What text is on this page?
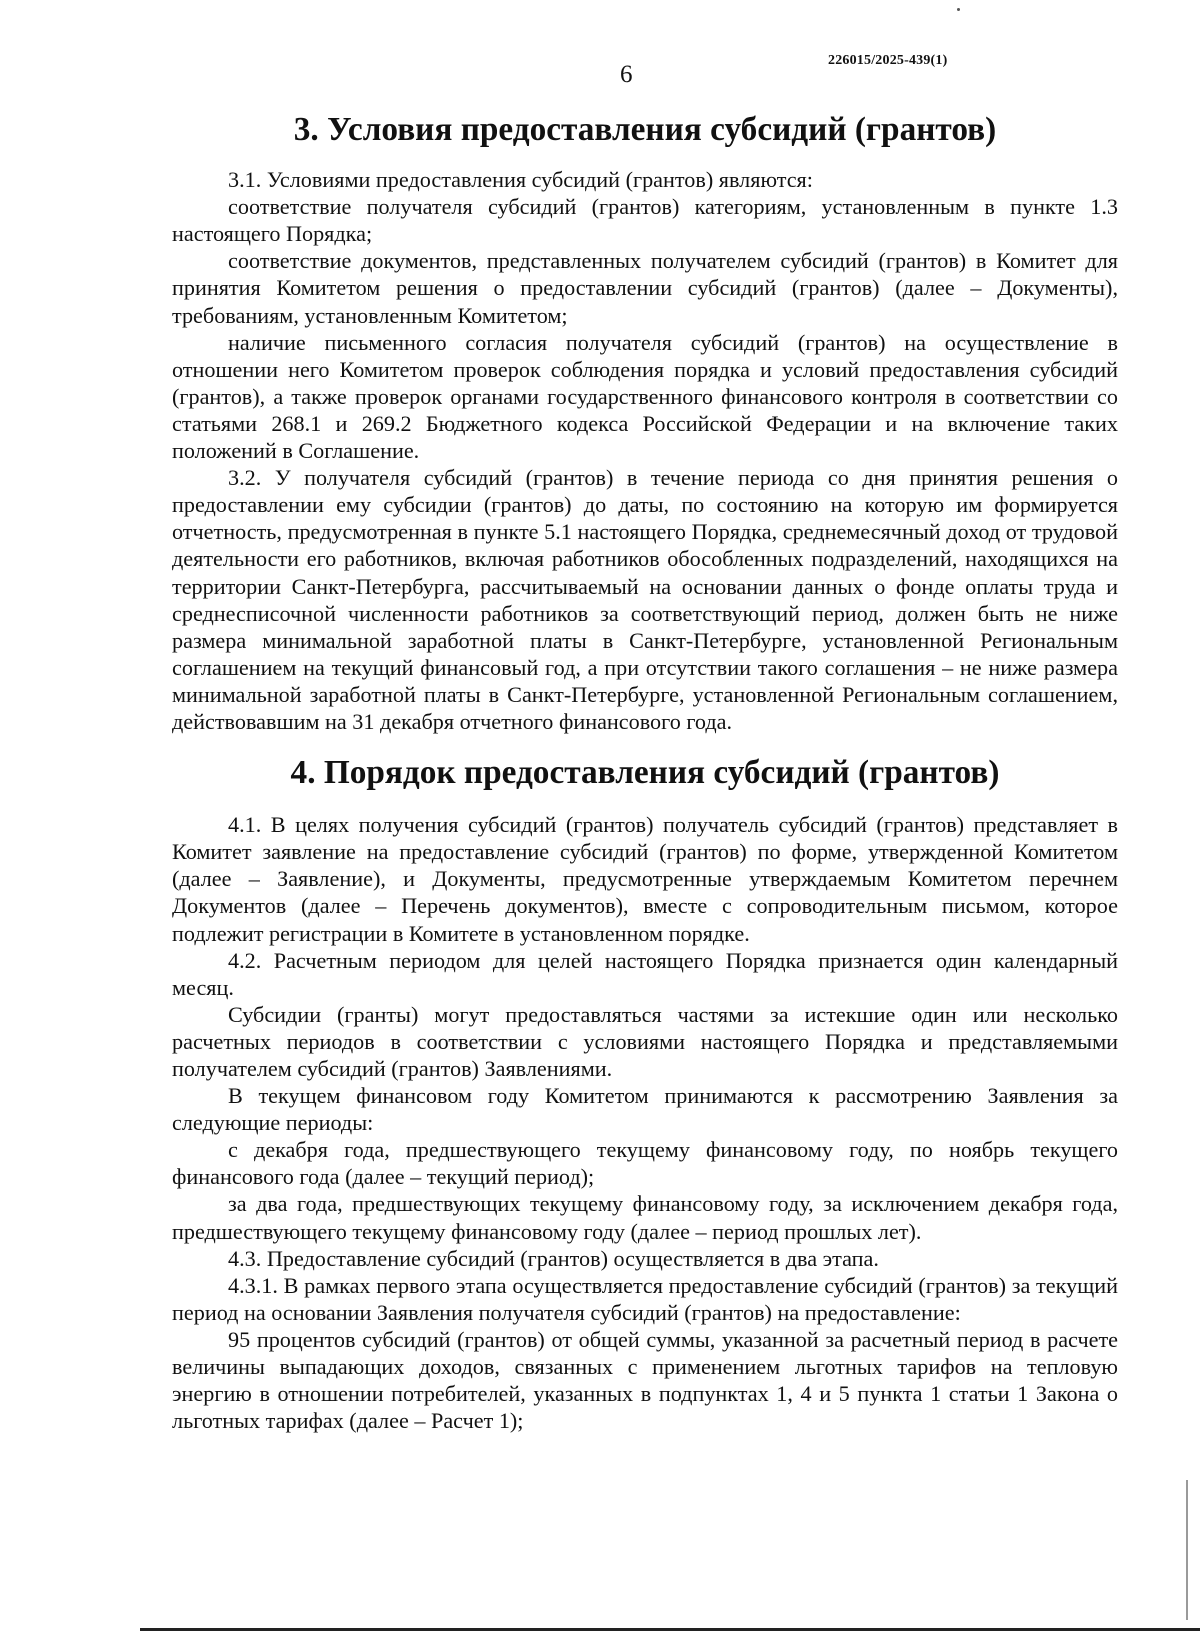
6
226015/2025-439(1)
3. Условия предоставления субсидий (грантов)

3.1. Условиями предоставления субсидий (грантов) являются:

соответствие получателя субсидий (грантов) категориям, установленным в пункте 1.3 настоящего Порядка;

соответствие документов, представленных получателем субсидий (грантов) в Комитет для принятия Комитетом решения о предоставлении субсидий (грантов) (далее – Документы), требованиям, установленным Комитетом;

наличие письменного согласия получателя субсидий (грантов) на осуществление в отношении него Комитетом проверок соблюдения порядка и условий предоставления субсидий (грантов), а также проверок органами государственного финансового контроля в соответствии со статьями 268.1 и 269.2 Бюджетного кодекса Российской Федерации и на включение таких положений в Соглашение.

3.2. У получателя субсидий (грантов) в течение периода со дня принятия решения о предоставлении ему субсидии (грантов) до даты, по состоянию на которую им формируется отчетность, предусмотренная в пункте 5.1 настоящего Порядка, среднемесячный доход от трудовой деятельности его работников, включая работников обособленных подразделений, находящихся на территории Санкт-Петербурга, рассчитываемый на основании данных о фонде оплаты труда и среднесписочной численности работников за соответствующий период, должен быть не ниже размера минимальной заработной платы в Санкт-Петербурге, установленной Региональным соглашением на текущий финансовый год, а при отсутствии такого соглашения – не ниже размера минимальной заработной платы в Санкт-Петербурге, установленной Региональным соглашением, действовавшим на 31 декабря отчетного финансового года.

4. Порядок предоставления субсидий (грантов)

4.1. В целях получения субсидий (грантов) получатель субсидий (грантов) представляет в Комитет заявление на предоставление субсидий (грантов) по форме, утвержденной Комитетом (далее – Заявление), и Документы, предусмотренные утверждаемым Комитетом перечнем Документов (далее – Перечень документов), вместе с сопроводительным письмом, которое подлежит регистрации в Комитете в установленном порядке.

4.2. Расчетным периодом для целей настоящего Порядка признается один календарный месяц.

Субсидии (гранты) могут предоставляться частями за истекшие один или несколько расчетных периодов в соответствии с условиями настоящего Порядка и представляемыми получателем субсидий (грантов) Заявлениями.

В текущем финансовом году Комитетом принимаются к рассмотрению Заявления за следующие периоды:

с декабря года, предшествующего текущему финансовому году, по ноябрь текущего финансового года (далее – текущий период);

за два года, предшествующих текущему финансовому году, за исключением декабря года, предшествующего текущему финансовому году (далее – период прошлых лет).

4.3. Предоставление субсидий (грантов) осуществляется в два этапа.

4.3.1. В рамках первого этапа осуществляется предоставление субсидий (грантов) за текущий период на основании Заявления получателя субсидий (грантов) на предоставление:

95 процентов субсидий (грантов) от общей суммы, указанной за расчетный период в расчете величины выпадающих доходов, связанных с применением льготных тарифов на тепловую энергию в отношении потребителей, указанных в подпунктах 1, 4 и 5 пункта 1 статьи 1 Закона о льготных тарифах (далее – Расчет 1);
